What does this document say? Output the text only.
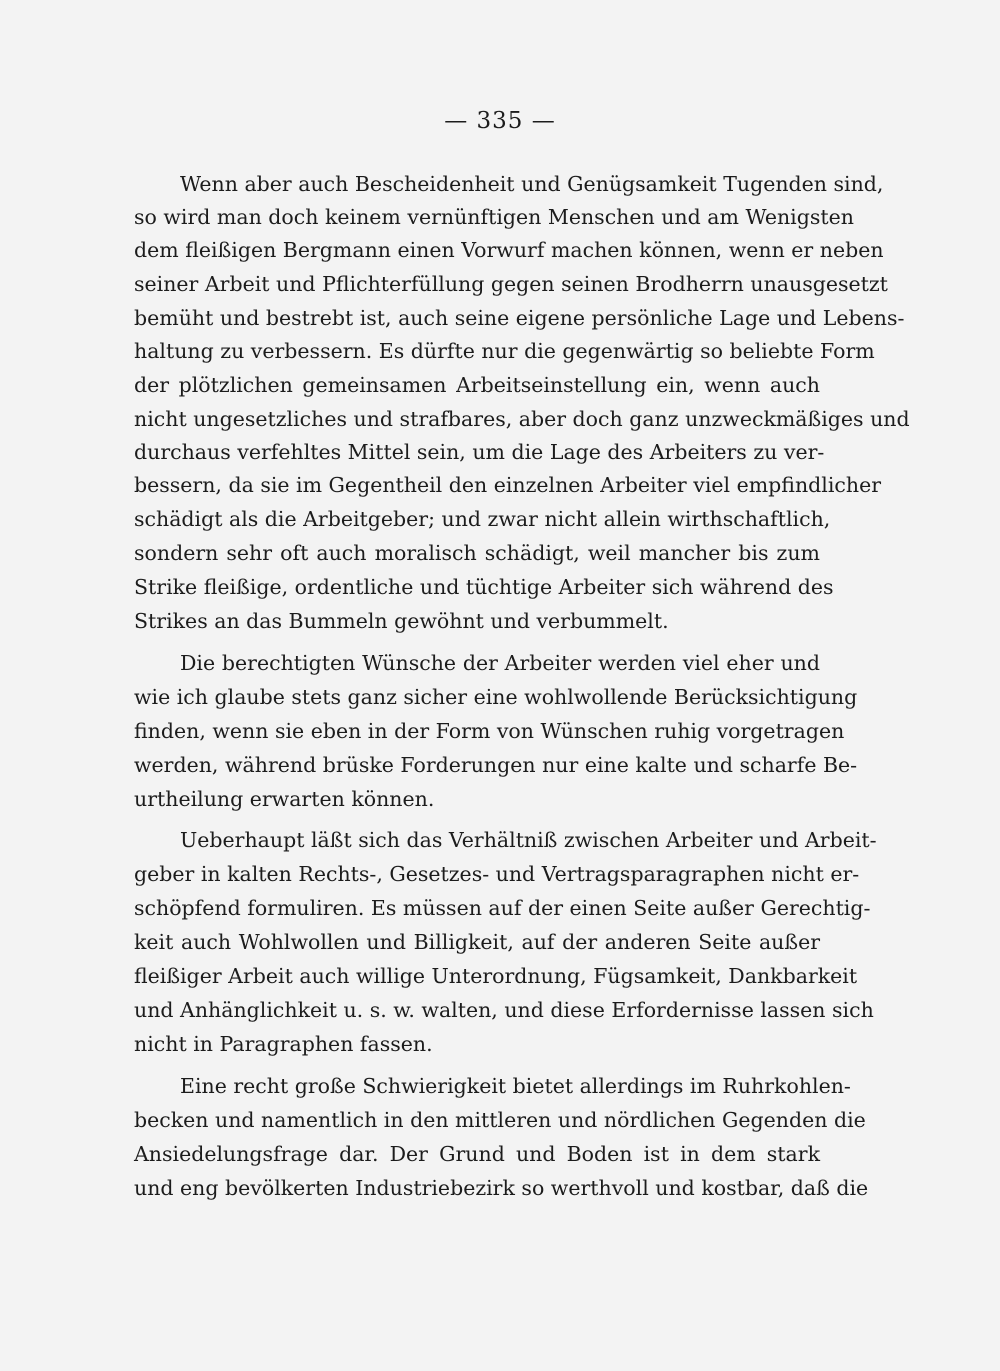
— 335 —
Wenn aber auch Bescheidenheit und Genügsamkeit Tugenden sind,
so wird man doch keinem vernünftigen Menschen und am Wenigsten
dem fleißigen Bergmann einen Vorwurf machen können, wenn er neben
seiner Arbeit und Pflichterfüllung gegen seinen Brodherrn unausgesetzt
bemüht und bestrebt ist, auch seine eigene persönliche Lage und Lebens-
haltung zu verbessern. Es dürfte nur die gegenwärtig so beliebte Form
der plötzlichen gemeinsamen Arbeitseinstellung ein, wenn auch
nicht ungesetzliches und strafbares, aber doch ganz unzweckmäßiges und
durchaus verfehltes Mittel sein, um die Lage des Arbeiters zu ver-
bessern, da sie im Gegentheil den einzelnen Arbeiter viel empfindlicher
schädigt als die Arbeitgeber; und zwar nicht allein wirthschaftlich,
sondern sehr oft auch moralisch schädigt, weil mancher bis zum
Strike fleißige, ordentliche und tüchtige Arbeiter sich während des
Strikes an das Bummeln gewöhnt und verbummelt.
Die berechtigten Wünsche der Arbeiter werden viel eher und
wie ich glaube stets ganz sicher eine wohlwollende Berücksichtigung
finden, wenn sie eben in der Form von Wünschen ruhig vorgetragen
werden, während brüske Forderungen nur eine kalte und scharfe Be-
urtheilung erwarten können.
Ueberhaupt läßt sich das Verhältniß zwischen Arbeiter und Arbeit-
geber in kalten Rechts-, Gesetzes- und Vertragsparagraphen nicht er-
schöpfend formuliren. Es müssen auf der einen Seite außer Gerechtig-
keit auch Wohlwollen und Billigkeit, auf der anderen Seite außer
fleißiger Arbeit auch willige Unterordnung, Fügsamkeit, Dankbarkeit
und Anhänglichkeit u. s. w. walten, und diese Erfordernisse lassen sich
nicht in Paragraphen fassen.
Eine recht große Schwierigkeit bietet allerdings im Ruhrkohlen-
becken und namentlich in den mittleren und nördlichen Gegenden die
Ansiedelungsfrage dar. Der Grund und Boden ist in dem stark
und eng bevölkerten Industriebezirk so werthvoll und kostbar, daß die
